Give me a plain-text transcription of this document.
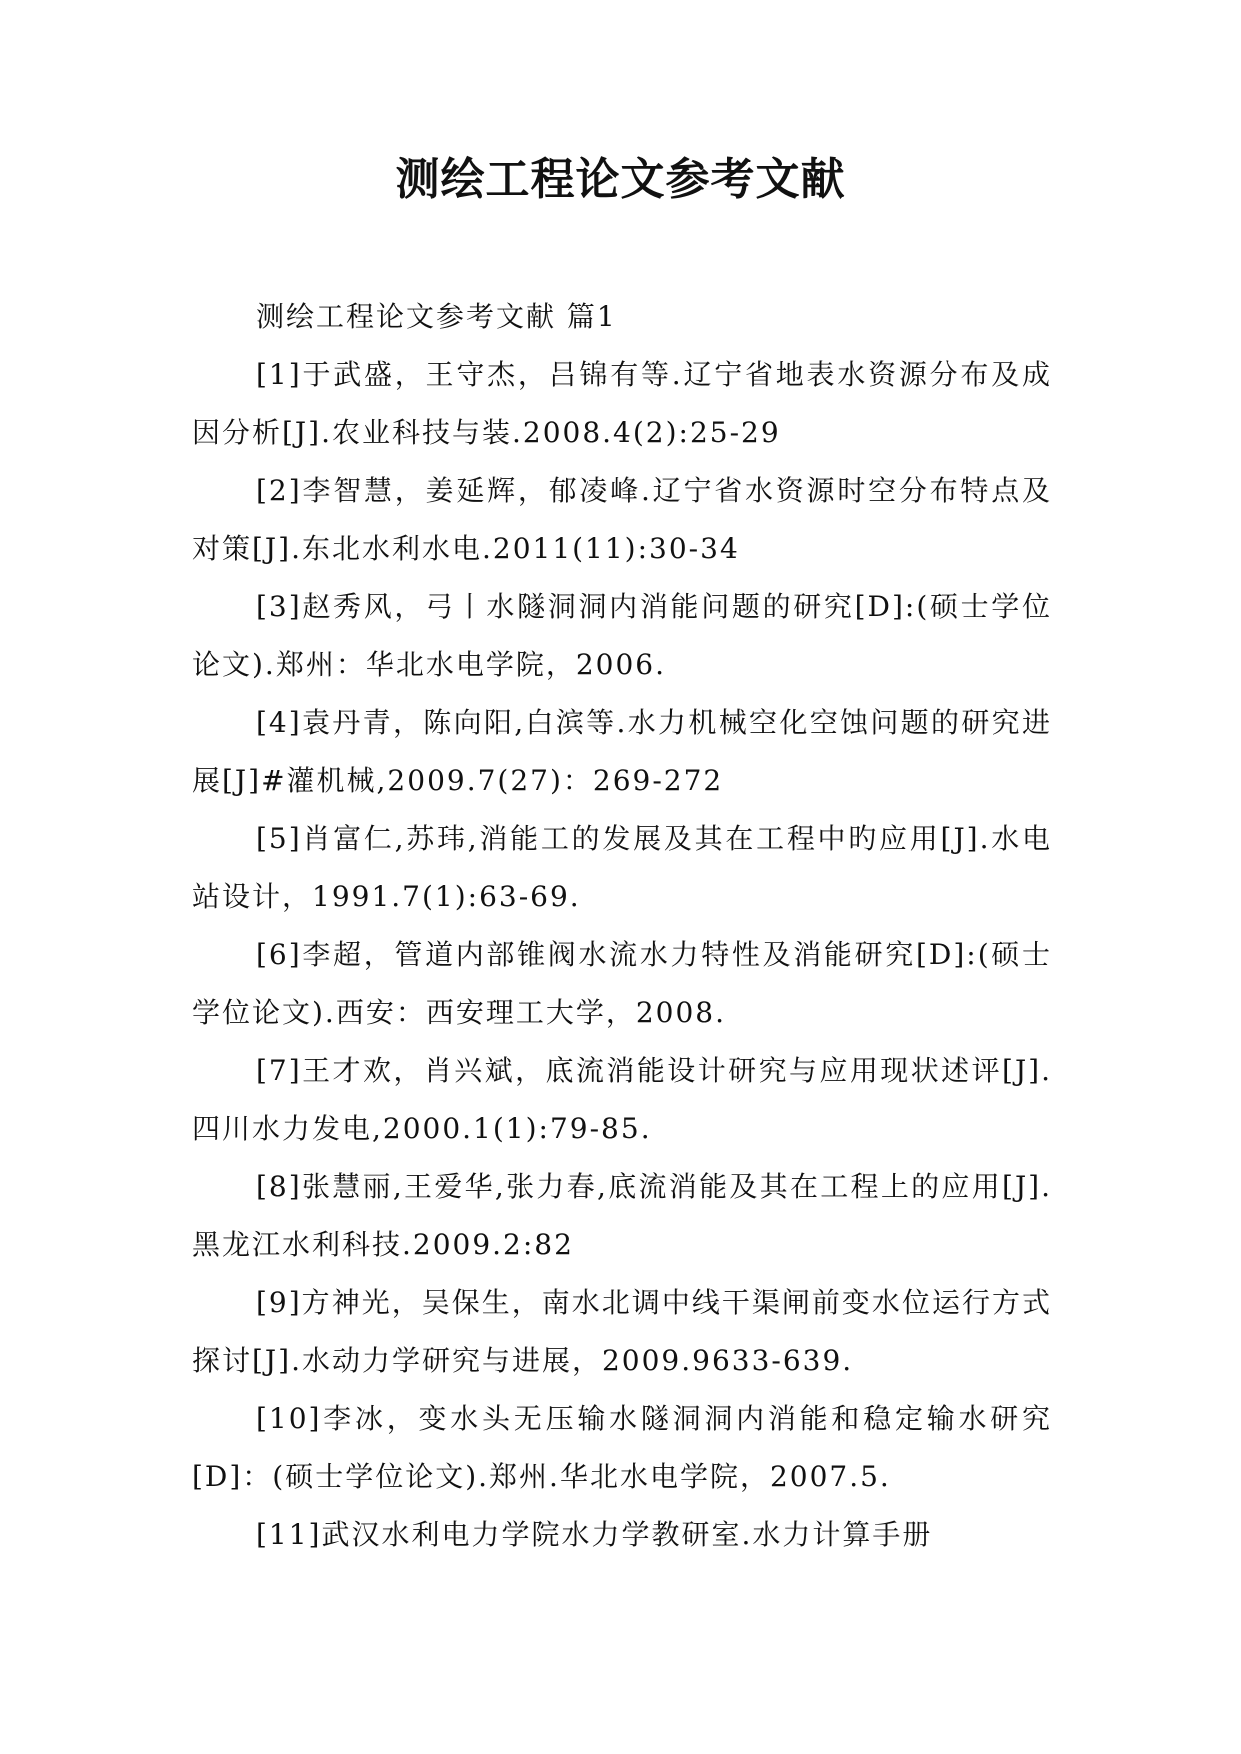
测绘工程论文参考文献

测绘工程论文参考文献 篇1

[1]于武盛，王守杰，吕锦有等.辽宁省地表水资源分布及成因分析[J].农业科技与装.2008.4(2):25-29

[2]李智慧，姜延辉，郁凌峰.辽宁省水资源时空分布特点及对策[J].东北水利水电.2011(11):30-34

[3]赵秀风，弓丨水隧洞洞内消能问题的研究[D]:(硕士学位论文).郑州：华北水电学院，2006.

[4]袁丹青，陈向阳,白滨等.水力机械空化空蚀问题的研究进展[J]#灌机械,2009.7(27)：269-272

[5]肖富仁,苏玮,消能工的发展及其在工程中旳应用[J].水电站设计，1991.7(1):63-69.

[6]李超，管道内部锥阀水流水力特性及消能研究[D]:(硕士学位论文).西安：西安理工大学，2008.

[7]王才欢，肖兴斌，底流消能设计研究与应用现状述评[J].四川水力发电,2000.1(1):79-85.

[8]张慧丽,王爱华,张力春,底流消能及其在工程上的应用[J].黑龙江水利科技.2009.2:82

[9]方神光，吴保生，南水北调中线干渠闸前变水位运行方式探讨[J].水动力学研究与进展，2009.9633-639.

[10]李冰，变水头无压输水隧洞洞内消能和稳定输水研究[D]：(硕士学位论文).郑州.华北水电学院，2007.5.

[11]武汉水利电力学院水力学教研室.水力计算手册
